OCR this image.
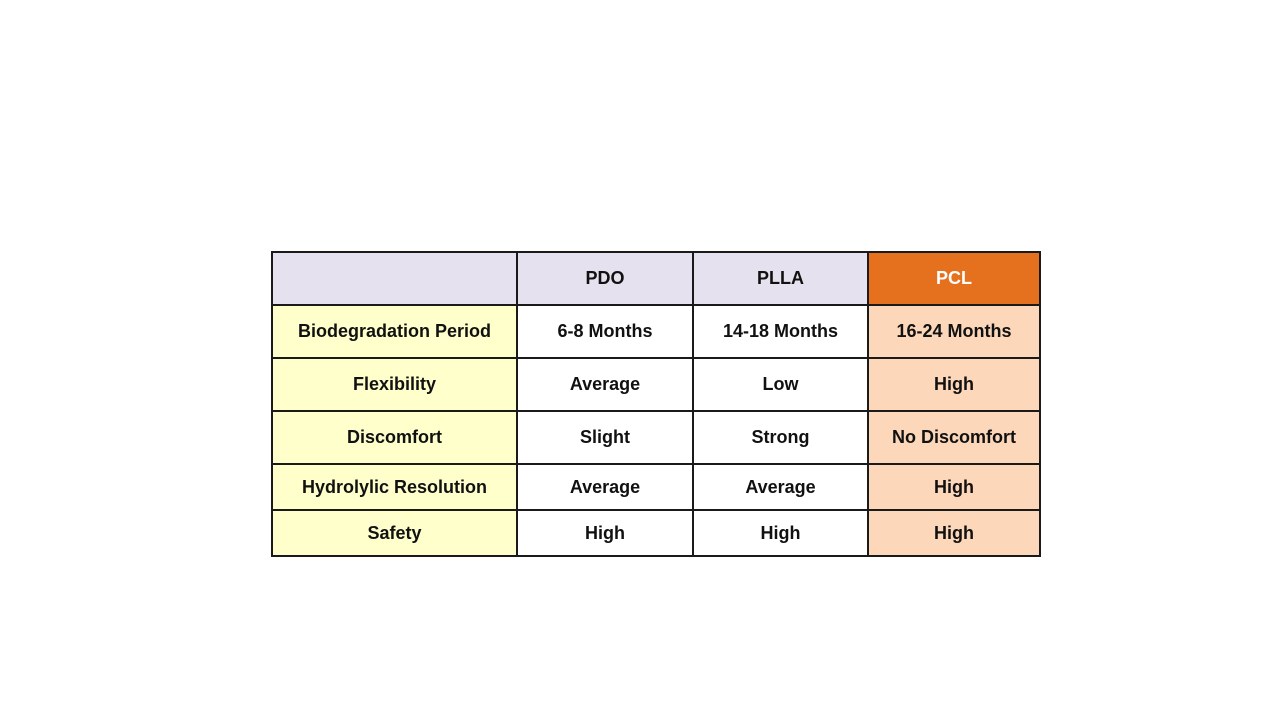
	PDO	PLLA	PCL
Biodegradation Period	6-8 Months	14-18 Months	16-24 Months
Flexibility	Average	Low	High
Discomfort	Slight	Strong	No Discomfort
Hydrolylic Resolution	Average	Average	High
Safety	High	High	High
